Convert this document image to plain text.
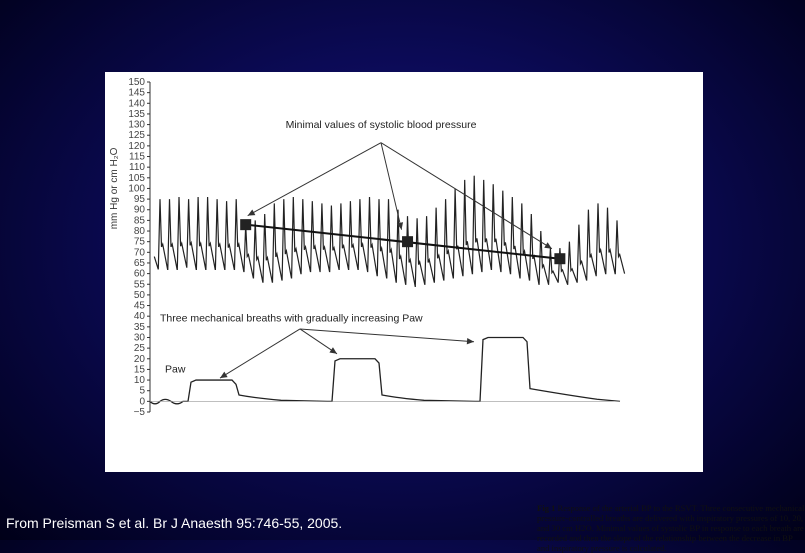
−5
0
5
10
15
20
25
30
35
40
45
50
55
60
65
70
75
80
85
90
95
100
105
110
115
120
125
130
135
140
145
150
mm Hg or cm H₂O
Minimal values of systolic blood pressure
Paw
Three mechanical breaths with gradually increasing Paw
Fig 1 Response of the arterial BP to the RSVT. Three consecutive mechanical pressure-controlled breaths are delivered with inspiratory pressures of 10, 20, and 30 cm H2O. Minimal values of systolic BP in response to each breath are recorded and then the slope of the relationship between the decrease in BP and inspiratory pressure is calculated.
From Preisman S et al. Br J Anaesth 95:746-55, 2005.
